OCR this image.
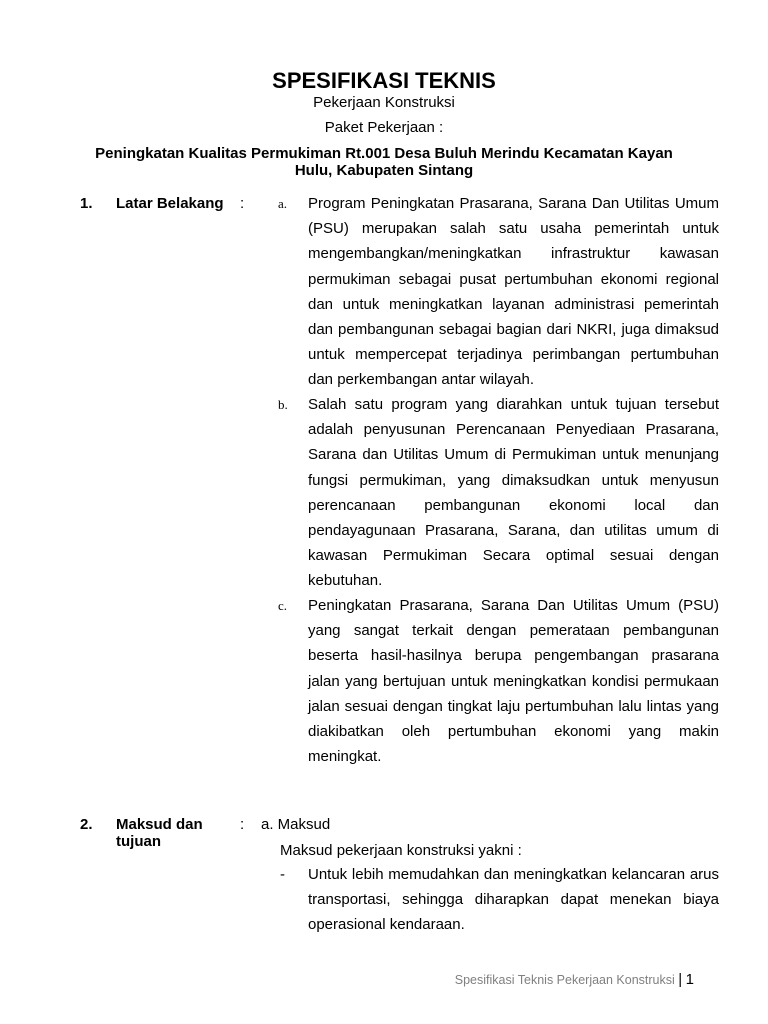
SPESIFIKASI TEKNIS
Pekerjaan Konstruksi
Paket Pekerjaan :
Peningkatan Kualitas Permukiman Rt.001 Desa Buluh Merindu Kecamatan Kayan Hulu, Kabupaten Sintang
1. Latar Belakang	:	a. Program Peningkatan Prasarana, Sarana Dan Utilitas Umum (PSU) merupakan salah satu usaha pemerintah untuk mengembangkan/meningkatkan infrastruktur kawasan permukiman sebagai pusat pertumbuhan ekonomi regional dan untuk meningkatkan layanan administrasi pemerintah dan pembangunan sebagai bagian dari NKRI, juga dimaksud untuk mempercepat terjadinya perimbangan pertumbuhan dan perkembangan antar wilayah.

b. Salah satu program yang diarahkan untuk tujuan tersebut adalah penyusunan Perencanaan Penyediaan Prasarana, Sarana dan Utilitas Umum di Permukiman untuk menunjang fungsi permukiman, yang dimaksudkan untuk menyusun perencanaan pembangunan ekonomi local dan pendayagunaan Prasarana, Sarana, dan utilitas umum di kawasan Permukiman Secara optimal sesuai dengan kebutuhan.

c. Peningkatan Prasarana, Sarana Dan Utilitas Umum (PSU) yang sangat terkait dengan pemerataan pembangunan beserta hasil-hasilnya berupa pengembangan prasarana jalan yang bertujuan untuk meningkatkan kondisi permukaan jalan sesuai dengan tingkat laju pertumbuhan lalu lintas yang diakibatkan oleh pertumbuhan ekonomi yang makin meningkat.

2. Maksud dan tujuan
: a. Maksud
Maksud pekerjaan konstruksi yakni :
- Untuk lebih memudahkan dan meningkatkan kelancaran arus transportasi, sehingga diharapkan dapat menekan biaya operasional kendaraan.

Spesifikasi Teknis Pekerjaan Konstruksi | 1
